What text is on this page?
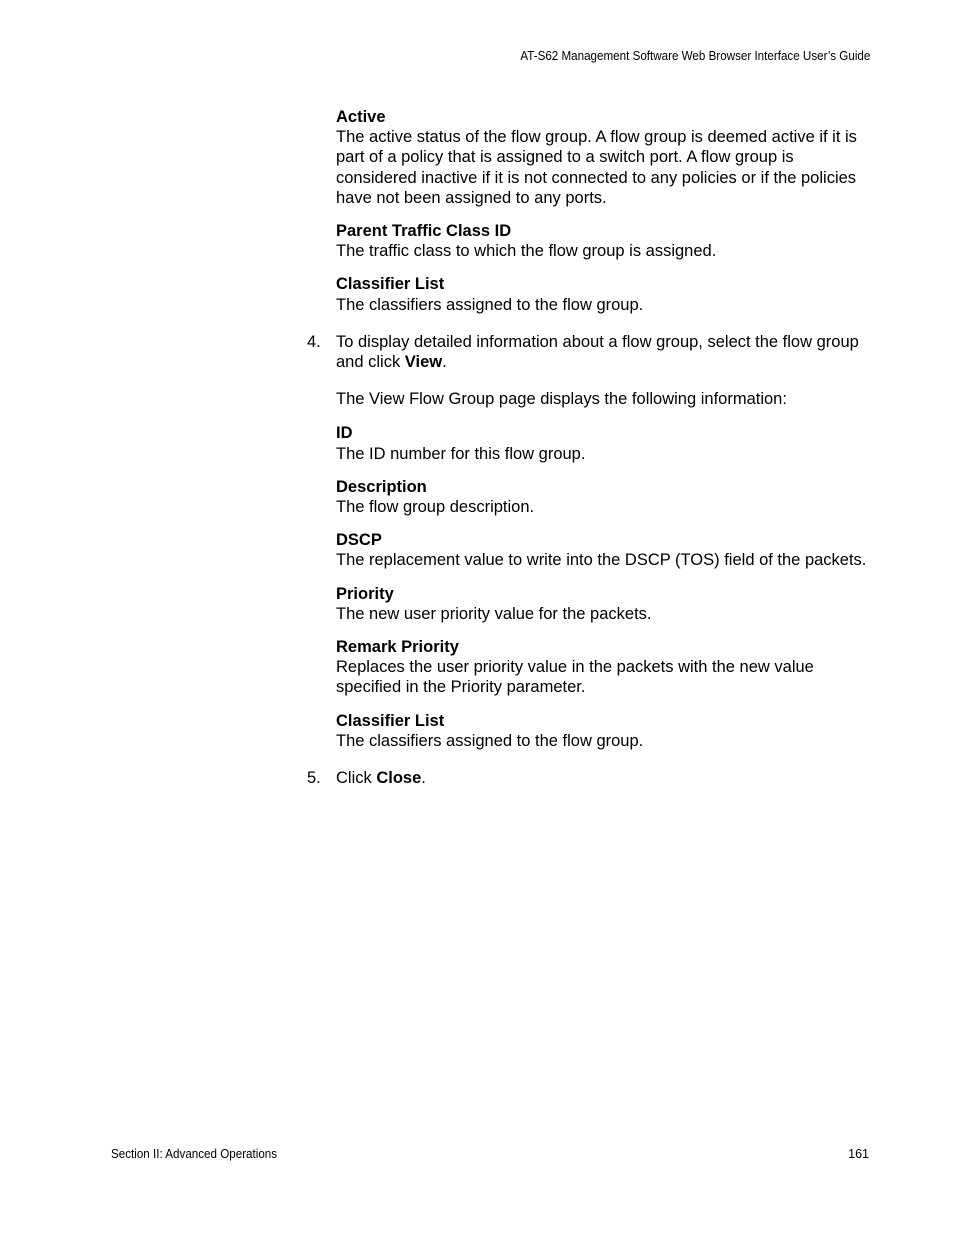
AT-S62 Management Software Web Browser Interface User’s Guide
Active
The active status of the flow group. A flow group is deemed active if it is part of a policy that is assigned to a switch port. A flow group is considered inactive if it is not connected to any policies or if the policies have not been assigned to any ports.
Parent Traffic Class ID
The traffic class to which the flow group is assigned.
Classifier List
The classifiers assigned to the flow group.
4. To display detailed information about a flow group, select the flow group and click View.
The View Flow Group page displays the following information:
ID
The ID number for this flow group.
Description
The flow group description.
DSCP
The replacement value to write into the DSCP (TOS) field of the packets.
Priority
The new user priority value for the packets.
Remark Priority
Replaces the user priority value in the packets with the new value specified in the Priority parameter.
Classifier List
The classifiers assigned to the flow group.
5. Click Close.
Section II: Advanced Operations	161
